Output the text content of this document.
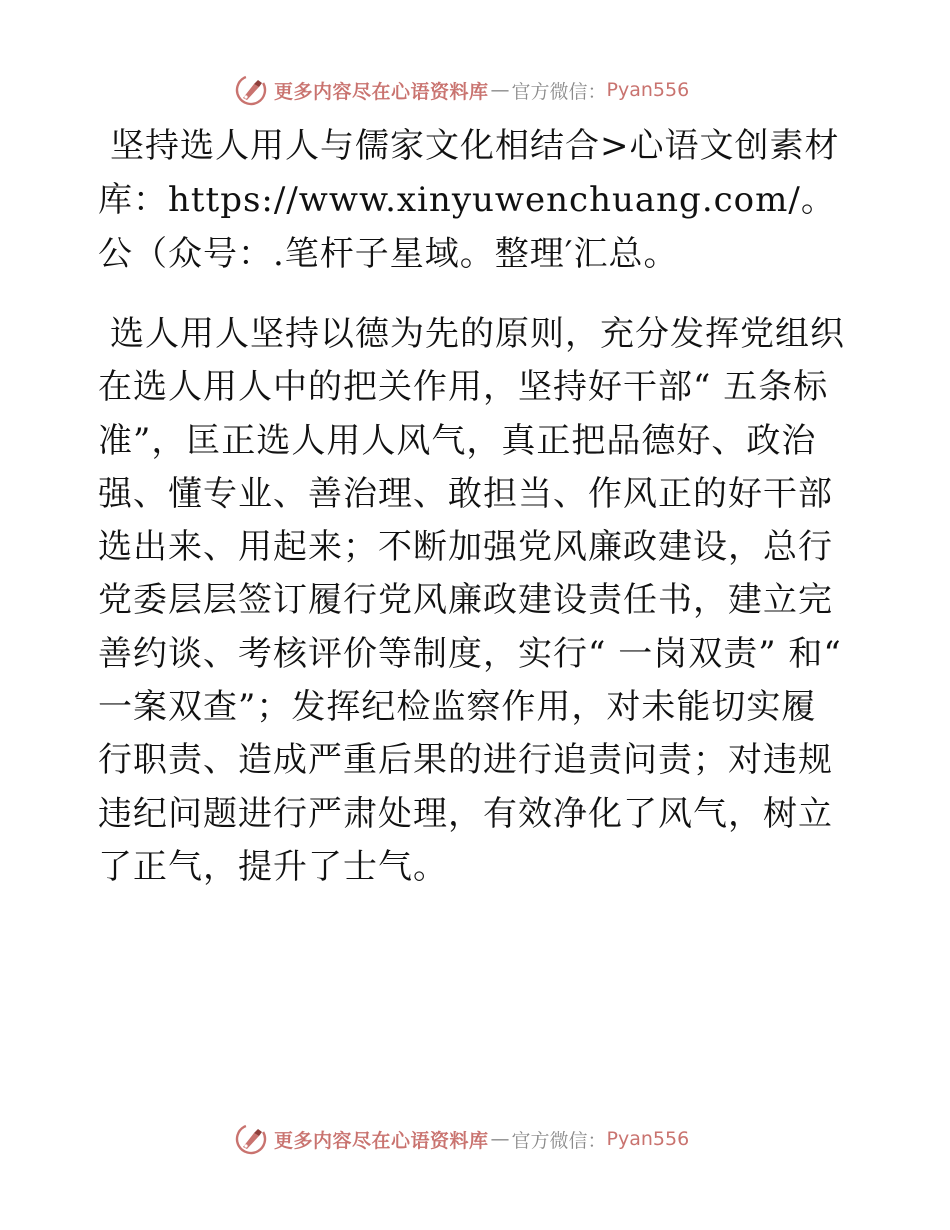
更多内容尽在心语资料库 — 官方微信： Pyan556

坚持选人用人与儒家文化相结合>心语文创素材库：https://www.xinyuwenchuang.com/。公（众号：.笔杆子星域。整理′汇总。

选人用人坚持以德为先的原则，充分发挥党组织在选人用人中的把关作用，坚持好干部“ 五条标准”，匡正选人用人风气，真正把品德好、政治强、懂专业、善治理、敢担当、作风正的好干部选出来、用起来；不断加强党风廉政建设，总行党委层层签订履行党风廉政建设责任书，建立完善约谈、考核评价等制度，实行“ 一岗双责” 和“ 一案双查”；发挥纪检监察作用，对未能切实履行职责、造成严重后果的进行追责问责；对违规违纪问题进行严肃处理，有效净化了风气，树立了正气，提升了士气。

更多内容尽在心语资料库 — 官方微信： Pyan556
